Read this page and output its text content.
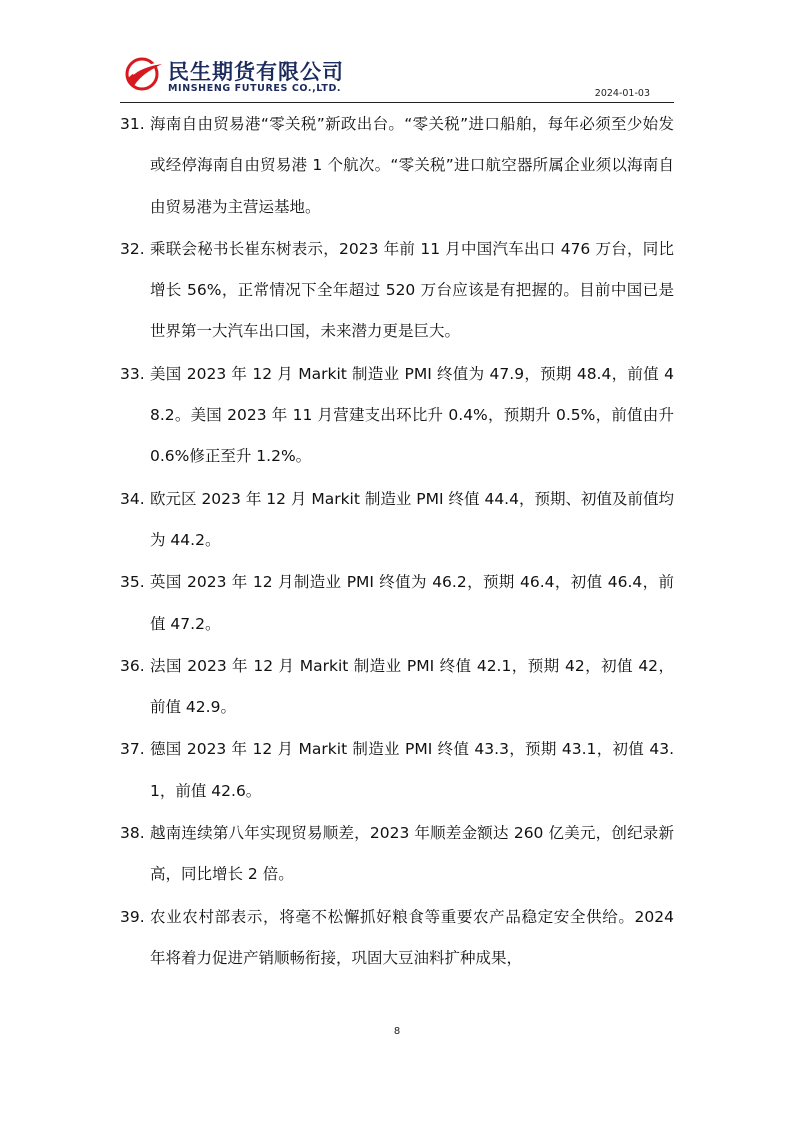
民生期货有限公司
MINSHENG FUTURES CO.,LTD.	2024-01-03
31. 海南自由贸易港“零关税”新政出台。“零关税”进口船舶，每年必须至少始发或经停海南自由贸易港 1 个航次。“零关税”进口航空器所属企业须以海南自由贸易港为主营运基地。
32. 乘联会秘书长崔东树表示，2023 年前 11 月中国汽车出口 476 万台，同比增长 56%，正常情况下全年超过 520 万台应该是有把握的。目前中国已是世界第一大汽车出口国，未来潜力更是巨大。
33. 美国 2023 年 12 月 Markit 制造业 PMI 终值为 47.9，预期 48.4，前值 48.2。美国 2023 年 11 月营建支出环比升 0.4%，预期升 0.5%，前值由升 0.6%修正至升 1.2%。
34. 欧元区 2023 年 12 月 Markit 制造业 PMI 终值 44.4，预期、初值及前值均为 44.2。
35. 英国 2023 年 12 月制造业 PMI 终值为 46.2，预期 46.4，初值 46.4，前值 47.2。
36. 法国 2023 年 12 月 Markit 制造业 PMI 终值 42.1，预期 42，初值 42，前值 42.9。
37. 德国 2023 年 12 月 Markit 制造业 PMI 终值 43.3，预期 43.1，初值 43.1，前值 42.6。
38. 越南连续第八年实现贸易顺差，2023 年顺差金额达 260 亿美元，创纪录新高，同比增长 2 倍。
39. 农业农村部表示，将毫不松懈抓好粮食等重要农产品稳定安全供给。2024 年将着力促进产销顺畅衔接，巩固大豆油料扩种成果，
8
